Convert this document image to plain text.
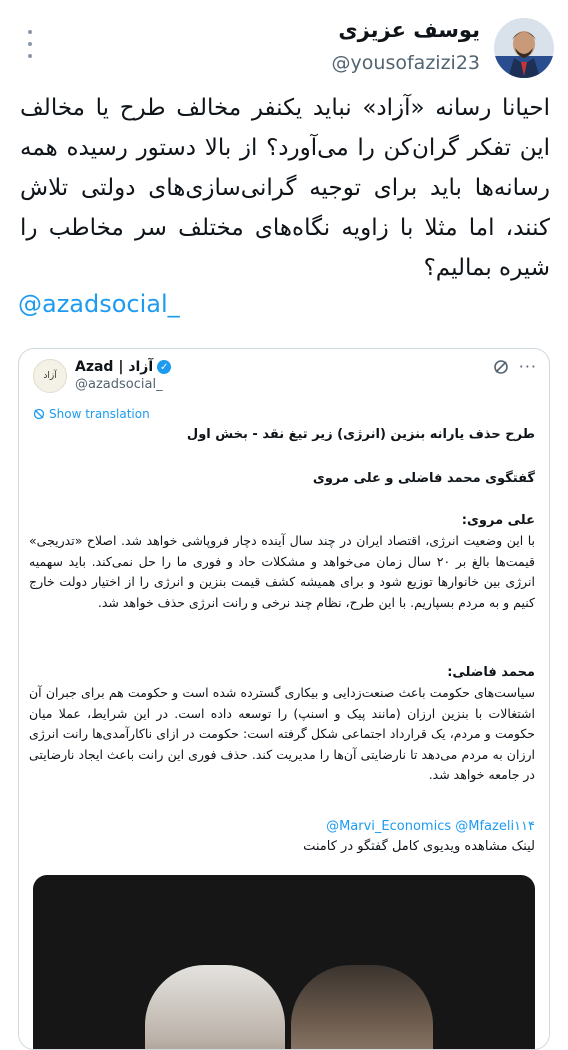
یوسف عزیزی
@yousofazizi23
احیانا رسانه «آزاد» نباید یکنفر مخالف طرح یا مخالف این تفکر گران‌کن را می‌آورد؟ از بالا دستور رسیده همه رسانه‌ها باید برای توجیه گرانی‌سازی‌های دولتی تلاش کنند، اما مثلا با زاویه نگاه‌های مختلف سر مخاطب را شیره بمالیم؟
@azadsocial_
آزاد
Azad | آزاد ✓
@azadsocial_
···
Show translation
طرح حذف یارانه بنزین (انرژی) زیر تیغ نقد - بخش اول
گفتگوی محمد فاضلی و علی مروی
علی مروی:
با این وضعیت انرژی، اقتصاد ایران در چند سال آینده دچار فروپاشی خواهد شد. اصلاح «تدریجی» قیمت‌ها بالغ بر ۲۰ سال زمان می‌خواهد و مشکلات حاد و فوری ما را حل نمی‌کند. باید سهمیه انرژی بین خانوارها توزیع شود و برای همیشه کشف قیمت بنزین و انرژی را از اختیار دولت خارج کنیم و به مردم بسپاریم. با این طرح، نظام چند نرخی و رانت انرژی حذف خواهد شد.
محمد فاضلی:
سیاست‌های حکومت باعث صنعت‌زدایی و بیکاری گسترده شده است و حکومت هم برای جبران آن اشتغالات با بنزین ارزان (مانند پیک و اسنپ) را توسعه داده است. در این شرایط، عملا میان حکومت و مردم، یک قرارداد اجتماعی شکل گرفته است: حکومت در ازای ناکارآمدی‌ها رانت انرژی ارزان به مردم می‌دهد تا نارضایتی آن‌ها را مدیریت کند. حذف فوری این رانت باعث ایجاد نارضایتی در جامعه خواهد شد.
@Marvi_Economics @Mfazeli۱۱۴
لینک مشاهده ویدیوی کامل گفتگو در کامنت
